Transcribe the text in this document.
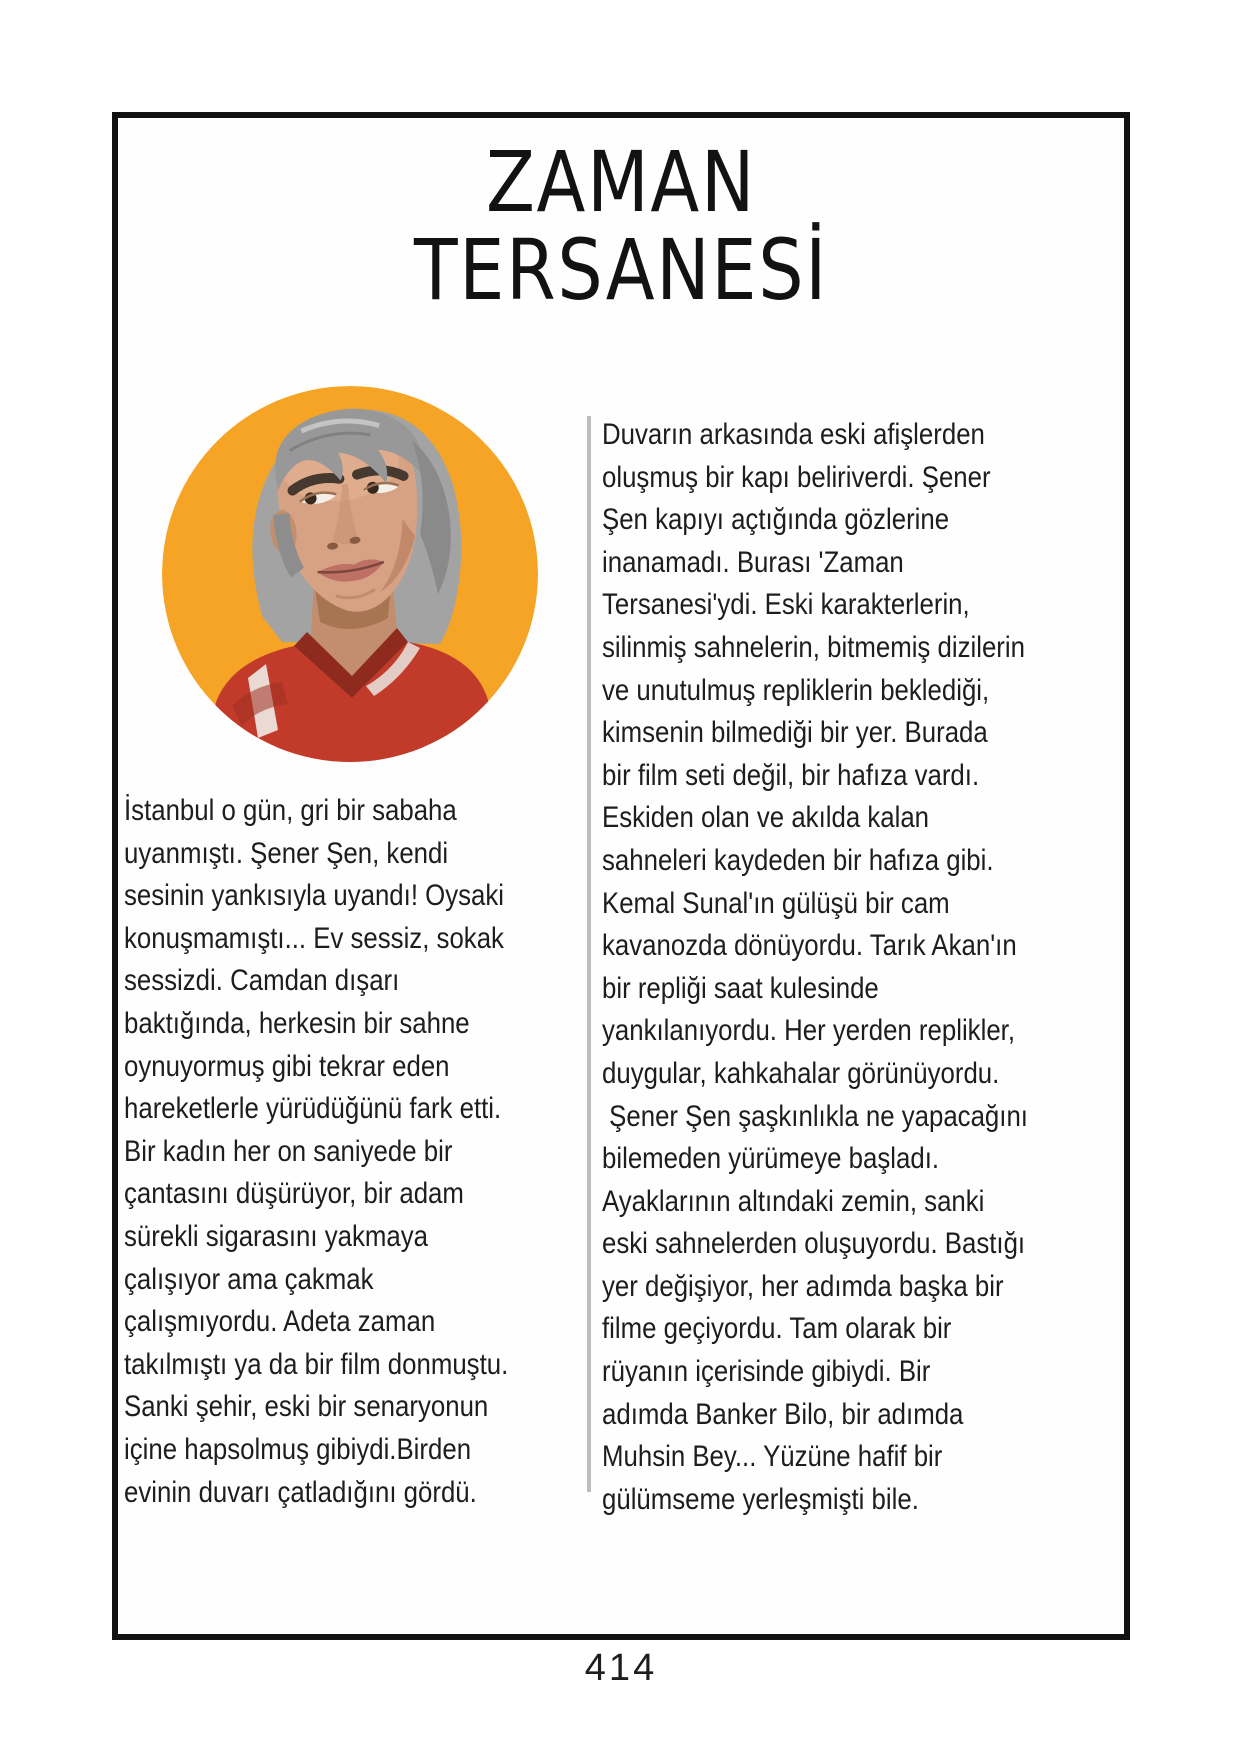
ZAMAN
TERSANESİ
İstanbul o gün, gri bir sabaha
uyanmıştı. Şener Şen, kendi
sesinin yankısıyla uyandı! Oysaki
konuşmamıştı... Ev sessiz, sokak
sessizdi. Camdan dışarı
baktığında, herkesin bir sahne
oynuyormuş gibi tekrar eden
hareketlerle yürüdüğünü fark etti.
Bir kadın her on saniyede bir
çantasını düşürüyor, bir adam
sürekli sigarasını yakmaya
çalışıyor ama çakmak
çalışmıyordu. Adeta zaman
takılmıştı ya da bir film donmuştu.
Sanki şehir, eski bir senaryonun
içine hapsolmuş gibiydi.Birden
evinin duvarı çatladığını gördü.
Duvarın arkasında eski afişlerden
oluşmuş bir kapı beliriverdi. Şener
Şen kapıyı açtığında gözlerine
inanamadı. Burası 'Zaman
Tersanesi'ydi. Eski karakterlerin,
silinmiş sahnelerin, bitmemiş dizilerin
ve unutulmuş repliklerin beklediği,
kimsenin bilmediği bir yer. Burada
bir film seti değil, bir hafıza vardı.
Eskiden olan ve akılda kalan
sahneleri kaydeden bir hafıza gibi.
Kemal Sunal'ın gülüşü bir cam
kavanozda dönüyordu. Tarık Akan'ın
bir repliği saat kulesinde
yankılanıyordu. Her yerden replikler,
duygular, kahkahalar görünüyordu.
Şener Şen şaşkınlıkla ne yapacağını
bilemeden yürümeye başladı.
Ayaklarının altındaki zemin, sanki
eski sahnelerden oluşuyordu. Bastığı
yer değişiyor, her adımda başka bir
filme geçiyordu. Tam olarak bir
rüyanın içerisinde gibiydi. Bir
adımda Banker Bilo, bir adımda
Muhsin Bey... Yüzüne hafif bir
gülümseme yerleşmişti bile.
414
